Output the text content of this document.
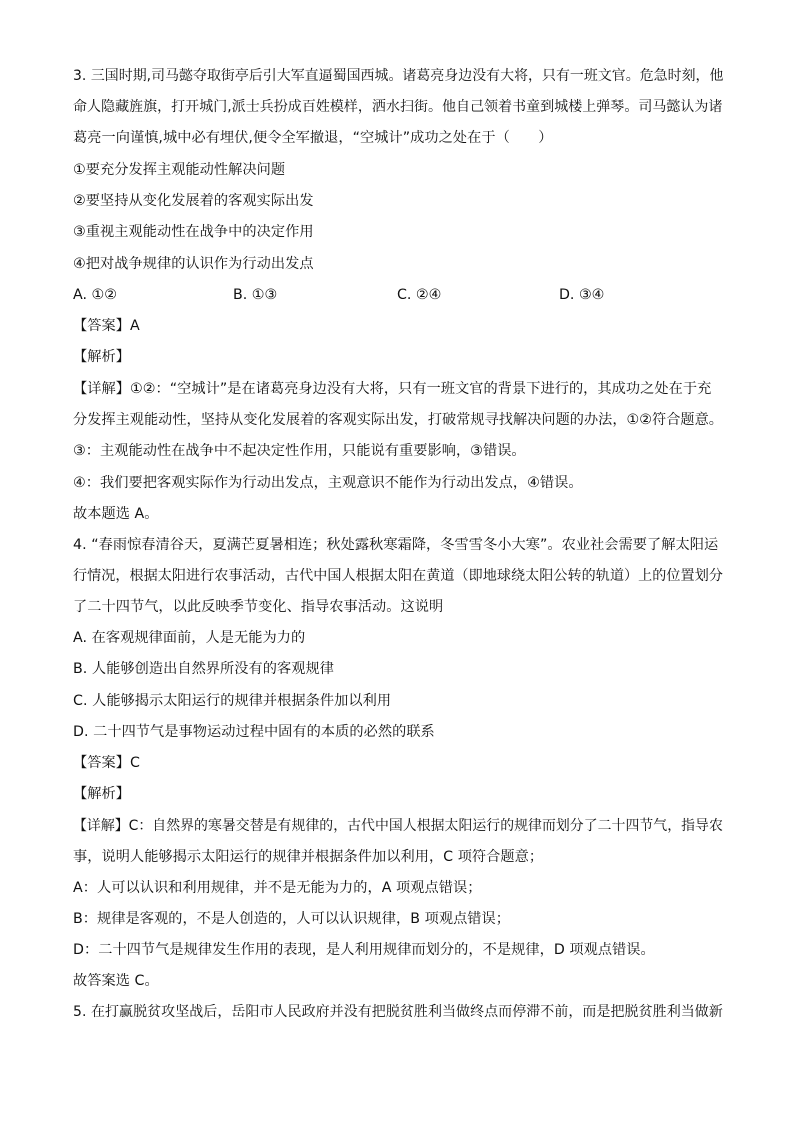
3. 三国时期,司马懿夺取街亭后引大军直逼蜀国西城。诸葛亮身边没有大将，只有一班文官。危急时刻，他
命人隐藏旌旗，打开城门,派士兵扮成百姓模样，洒水扫街。他自己领着书童到城楼上弹琴。司马懿认为诸
葛亮一向谨慎,城中必有埋伏,便令全军撤退，“空城计”成功之处在于（　　）
①要充分发挥主观能动性解决问题
②要坚持从变化发展着的客观实际出发
③重视主观能动性在战争中的决定作用
④把对战争规律的认识作为行动出发点
A. ①②	B. ①③	C. ②④	D. ③④
【答案】A
【解析】
【详解】①②：“空城计”是在诸葛亮身边没有大将，只有一班文官的背景下进行的，其成功之处在于充
分发挥主观能动性，坚持从变化发展着的客观实际出发，打破常规寻找解决问题的办法，①②符合题意。
③：主观能动性在战争中不起决定性作用，只能说有重要影响，③错误。
④：我们要把客观实际作为行动出发点，主观意识不能作为行动出发点，④错误。
故本题选 A。
4. “春雨惊春清谷天，夏满芒夏暑相连；秋处露秋寒霜降，冬雪雪冬小大寒”。农业社会需要了解太阳运
行情况，根据太阳进行农事活动，古代中国人根据太阳在黄道（即地球绕太阳公转的轨道）上的位置划分
了二十四节气，以此反映季节变化、指导农事活动。这说明
A. 在客观规律面前，人是无能为力的
B. 人能够创造出自然界所没有的客观规律
C. 人能够揭示太阳运行的规律并根据条件加以利用
D. 二十四节气是事物运动过程中固有的本质的必然的联系
【答案】C
【解析】
【详解】C：自然界的寒暑交替是有规律的，古代中国人根据太阳运行的规律而划分了二十四节气，指导农
事，说明人能够揭示太阳运行的规律并根据条件加以利用，C 项符合题意；
A：人可以认识和利用规律，并不是无能为力的，A 项观点错误；
B：规律是客观的，不是人创造的，人可以认识规律，B 项观点错误；
D：二十四节气是规律发生作用的表现，是人利用规律而划分的，不是规律，D 项观点错误。
故答案选 C。
5. 在打赢脱贫攻坚战后，岳阳市人民政府并没有把脱贫胜利当做终点而停滞不前，而是把脱贫胜利当做新
